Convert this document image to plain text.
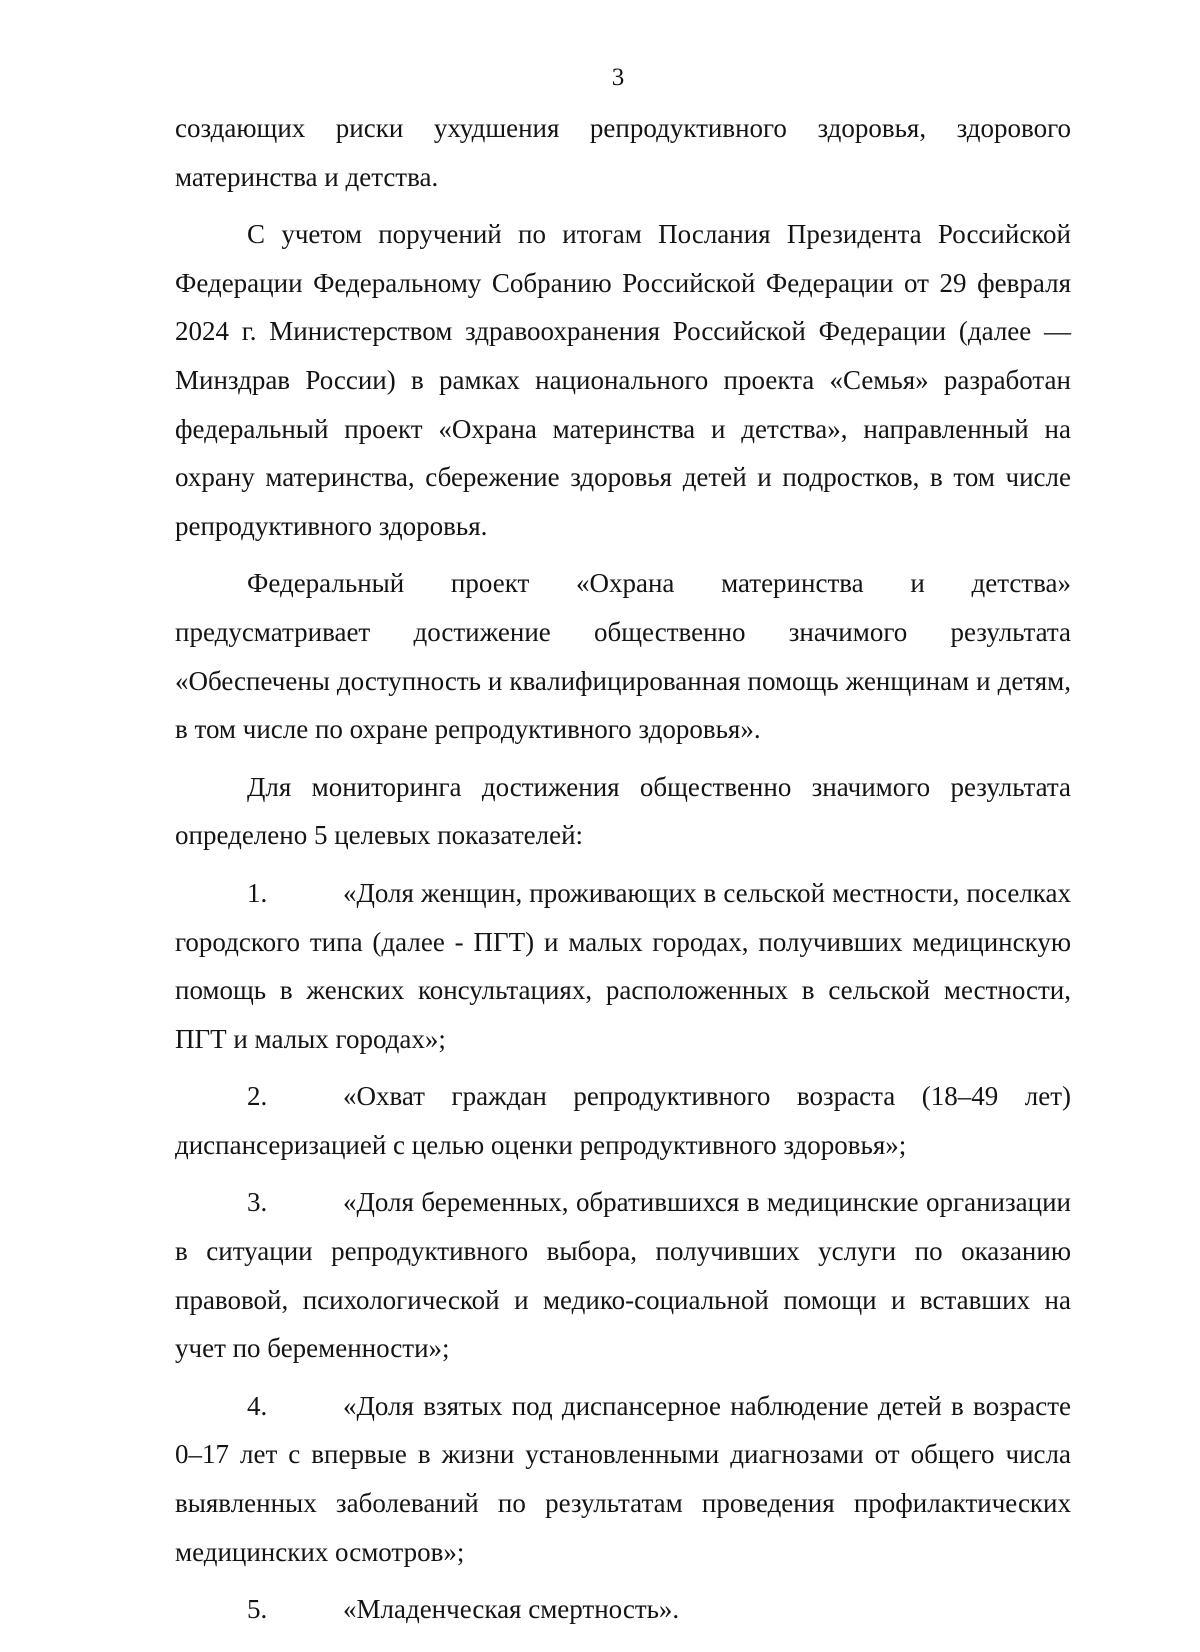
3

создающих риски ухудшения репродуктивного здоровья, здорового материнства и детства.

С учетом поручений по итогам Послания Президента Российской Федерации Федеральному Собранию Российской Федерации от 29 февраля 2024 г. Министерством здравоохранения Российской Федерации (далее — Минздрав России) в рамках национального проекта «Семья» разработан федеральный проект «Охрана материнства и детства», направленный на охрану материнства, сбережение здоровья детей и подростков, в том числе репродуктивного здоровья.

Федеральный проект «Охрана материнства и детства» предусматривает достижение общественно значимого результата «Обеспечены доступность и квалифицированная помощь женщинам и детям, в том числе по охране репродуктивного здоровья».

Для мониторинга достижения общественно значимого результата определено 5 целевых показателей:

1.	«Доля женщин, проживающих в сельской местности, поселках городского типа (далее - ПГТ) и малых городах, получивших медицинскую помощь в женских консультациях, расположенных в сельской местности, ПГТ и малых городах»;
2.	«Охват граждан репродуктивного возраста (18–49 лет) диспансеризацией с целью оценки репродуктивного здоровья»;
3.	«Доля беременных, обратившихся в медицинские организации в ситуации репродуктивного выбора, получивших услуги по оказанию правовой, психологической и медико-социальной помощи и вставших на учет по беременности»;
4.	«Доля взятых под диспансерное наблюдение детей в возрасте 0–17 лет с впервые в жизни установленными диагнозами от общего числа выявленных заболеваний по результатам проведения профилактических медицинских осмотров»;
5.	«Младенческая смертность».
